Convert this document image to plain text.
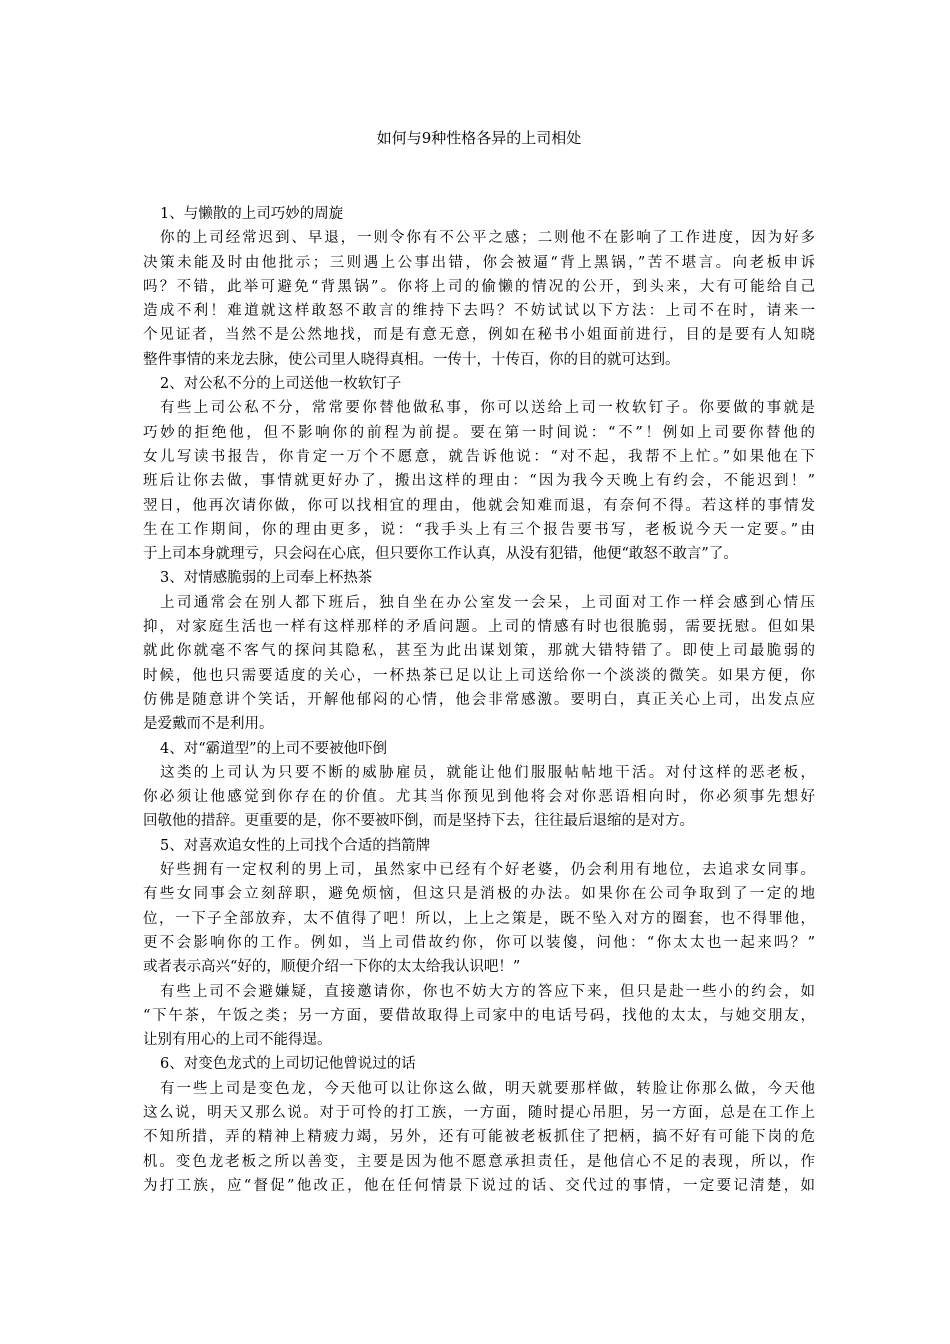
如何与9种性格各异的上司相处
1、与懒散的上司巧妙的周旋
你的上司经常迟到、早退，一则令你有不公平之感；二则他不在影响了工作进度，因为好多
决策未能及时由他批示；三则遇上公事出错，你会被逼“背上黑锅，”苦不堪言。向老板申诉
吗？不错，此举可避免“背黑锅”。你将上司的偷懒的情况的公开，到头来，大有可能给自己
造成不利！难道就这样敢怒不敢言的维持下去吗？不妨试试以下方法：上司不在时，请来一
个见证者，当然不是公然地找，而是有意无意，例如在秘书小姐面前进行，目的是要有人知晓
整件事情的来龙去脉，使公司里人晓得真相。一传十，十传百，你的目的就可达到。
2、对公私不分的上司送他一枚软钉子
有些上司公私不分，常常要你替他做私事，你可以送给上司一枚软钉子。你要做的事就是
巧妙的拒绝他，但不影响你的前程为前提。要在第一时间说：“不”！例如上司要你替他的
女儿写读书报告，你肯定一万个不愿意，就告诉他说：“对不起，我帮不上忙。”如果他在下
班后让你去做，事情就更好办了，搬出这样的理由：“因为我今天晚上有约会，不能迟到！”
翌日，他再次请你做，你可以找相宜的理由，他就会知难而退，有奈何不得。若这样的事情发
生在工作期间，你的理由更多，说：“我手头上有三个报告要书写，老板说今天一定要。”由
于上司本身就理亏，只会闷在心底，但只要你工作认真，从没有犯错，他便“敢怒不敢言”了。
3、对情感脆弱的上司奉上杯热茶
上司通常会在别人都下班后，独自坐在办公室发一会呆，上司面对工作一样会感到心情压
抑，对家庭生活也一样有这样那样的矛盾问题。上司的情感有时也很脆弱，需要抚慰。但如果
就此你就毫不客气的探问其隐私，甚至为此出谋划策，那就大错特错了。即使上司最脆弱的
时候，他也只需要适度的关心，一杯热茶已足以让上司送给你一个淡淡的微笑。如果方便，你
仿佛是随意讲个笑话，开解他郁闷的心情，他会非常感激。要明白，真正关心上司，出发点应
是爱戴而不是利用。
4、对“霸道型”的上司不要被他吓倒
这类的上司认为只要不断的威胁雇员，就能让他们服服帖帖地干活。对付这样的恶老板，
你必须让他感觉到你存在的价值。尤其当你预见到他将会对你恶语相向时，你必须事先想好
回敬他的措辞。更重要的是，你不要被吓倒，而是坚持下去，往往最后退缩的是对方。
5、对喜欢追女性的上司找个合适的挡箭牌
好些拥有一定权利的男上司，虽然家中已经有个好老婆，仍会利用有地位，去追求女同事。
有些女同事会立刻辞职，避免烦恼，但这只是消极的办法。如果你在公司争取到了一定的地
位，一下子全部放弃，太不值得了吧！所以，上上之策是，既不坠入对方的圈套，也不得罪他，
更不会影响你的工作。例如，当上司借故约你，你可以装傻，问他：“你太太也一起来吗？”
或者表示高兴“好的，顺便介绍一下你的太太给我认识吧！”
有些上司不会避嫌疑，直接邀请你，你也不妨大方的答应下来，但只是赴一些小的约会，如
“下午茶，午饭之类；另一方面，要借故取得上司家中的电话号码，找他的太太，与她交朋友，
让别有用心的上司不能得逞。
6、对变色龙式的上司切记他曾说过的话
有一些上司是变色龙，今天他可以让你这么做，明天就要那样做，转脸让你那么做，今天他
这么说，明天又那么说。对于可怜的打工族，一方面，随时提心吊胆，另一方面，总是在工作上
不知所措，弄的精神上精疲力竭，另外，还有可能被老板抓住了把柄，搞不好有可能下岗的危
机。变色龙老板之所以善变，主要是因为他不愿意承担责任，是他信心不足的表现，所以，作
为打工族，应“督促”他改正，他在任何情景下说过的话、交代过的事情，一定要记清楚，如
